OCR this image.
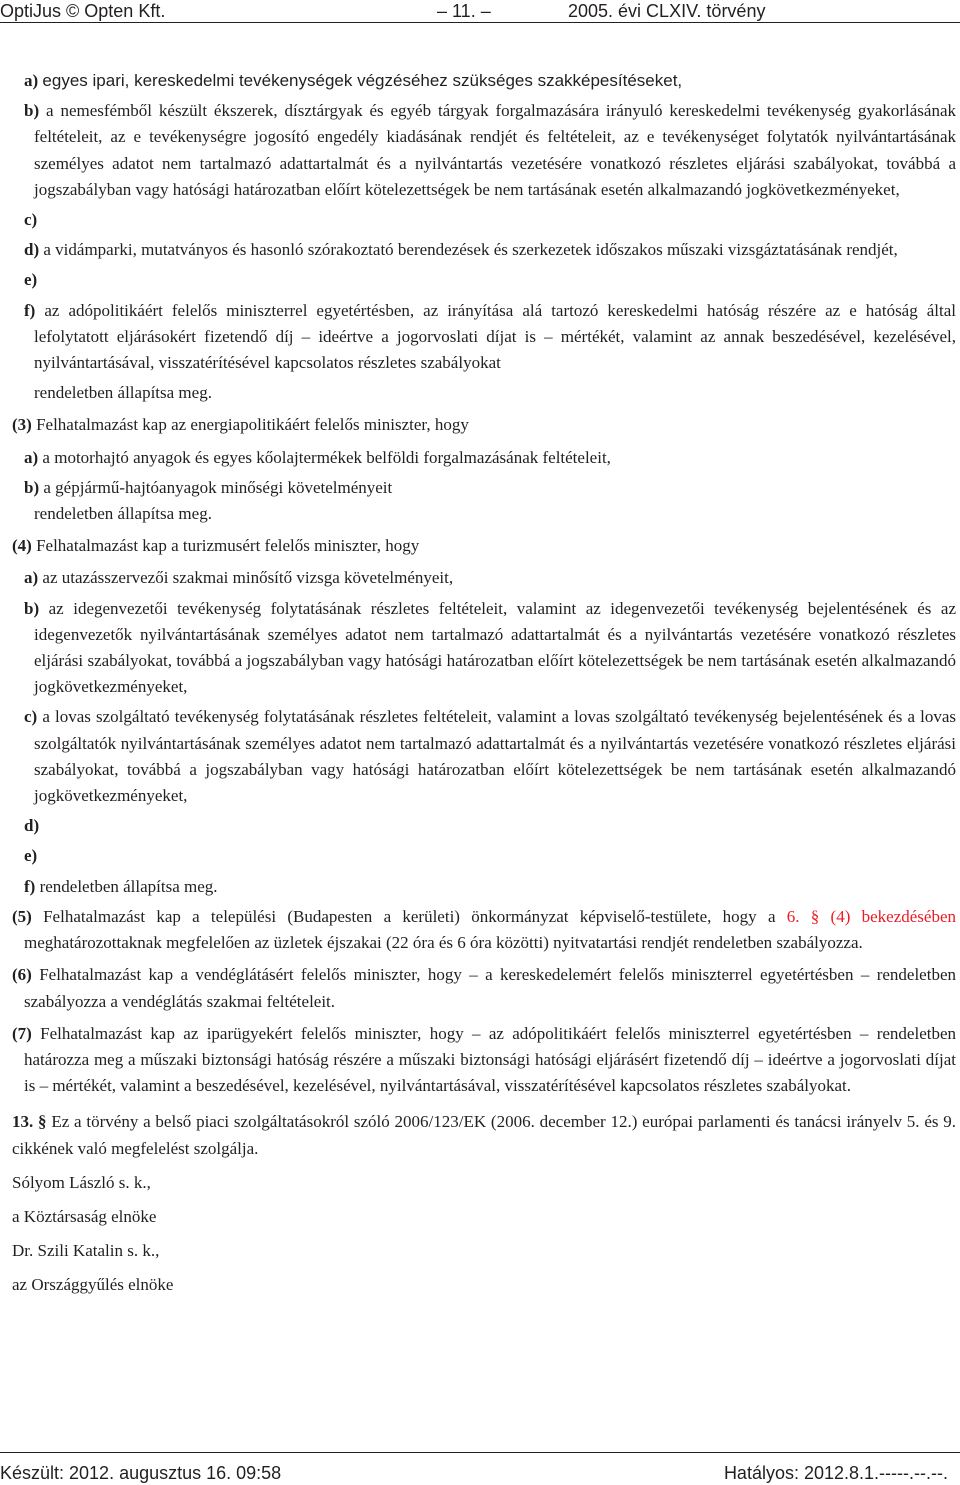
OptiJus © Opten Kft.	– 11. –	2005. évi CLXIV. törvény

a) egyes ipari, kereskedelmi tevékenységek végzéséhez szükséges szakképesítéseket,

b) a nemesfémből készült ékszerek, dísztárgyak és egyéb tárgyak forgalmazására irányuló kereskedelmi tevékenység gyakorlásának feltételeit, az e tevékenységre jogosító engedély kiadásának rendjét és feltételeit, az e tevékenységet folytatók nyilvántartásának személyes adatot nem tartalmazó adattartalmát és a nyilvántartás vezetésére vonatkozó részletes eljárási szabályokat, továbbá a jogszabályban vagy hatósági határozatban előírt kötelezettségek be nem tartásának esetén alkalmazandó jogkövetkezményeket,

c)

d) a vidámparki, mutatványos és hasonló szórakoztató berendezések és szerkezetek időszakos műszaki vizsgáztatásának rendjét,

e)

f) az adópolitikáért felelős miniszterrel egyetértésben, az irányítása alá tartozó kereskedelmi hatóság részére az e hatóság által lefolytatott eljárásokért fizetendő díj – ideértve a jogorvoslati díjat is – mértékét, valamint az annak beszedésével, kezelésével, nyilvántartásával, visszatérítésével kapcsolatos részletes szabályokat

rendeletben állapítsa meg.

(3) Felhatalmazást kap az energiapolitikáért felelős miniszter, hogy

a) a motorhajtó anyagok és egyes kőolajtermékek belföldi forgalmazásának feltételeit,

b) a gépjármű-hajtóanyagok minőségi követelményeit

rendeletben állapítsa meg.

(4) Felhatalmazást kap a turizmusért felelős miniszter, hogy

a) az utazásszervezői szakmai minősítő vizsga követelményeit,

b) az idegenvezetői tevékenység folytatásának részletes feltételeit, valamint az idegenvezetői tevékenység bejelentésének és az idegenvezetők nyilvántartásának személyes adatot nem tartalmazó adattartalmát és a nyilvántartás vezetésére vonatkozó részletes eljárási szabályokat, továbbá a jogszabályban vagy hatósági határozatban előírt kötelezettségek be nem tartásának esetén alkalmazandó jogkövetkezményeket,

c) a lovas szolgáltató tevékenység folytatásának részletes feltételeit, valamint a lovas szolgáltató tevékenység bejelentésének és a lovas szolgáltatók nyilvántartásának személyes adatot nem tartalmazó adattartalmát és a nyilvántartás vezetésére vonatkozó részletes eljárási szabályokat, továbbá a jogszabályban vagy hatósági határozatban előírt kötelezettségek be nem tartásának esetén alkalmazandó jogkövetkezményeket,

d)

e)

f) rendeletben állapítsa meg.

(5) Felhatalmazást kap a települési (Budapesten a kerületi) önkormányzat képviselő-testülete, hogy a 6. § (4) bekezdésében meghatározottaknak megfelelően az üzletek éjszakai (22 óra és 6 óra közötti) nyitvatartási rendjét rendeletben szabályozza.

(6) Felhatalmazást kap a vendéglátásért felelős miniszter, hogy – a kereskedelemért felelős miniszterrel egyetértésben – rendeletben szabályozza a vendéglátás szakmai feltételeit.

(7) Felhatalmazást kap az iparügyekért felelős miniszter, hogy – az adópolitikáért felelős miniszterrel egyetértésben – rendeletben határozza meg a műszaki biztonsági hatóság részére a műszaki biztonsági hatósági eljárásért fizetendő díj – ideértve a jogorvoslati díjat is – mértékét, valamint a beszedésével, kezelésével, nyilvántartásával, visszatérítésével kapcsolatos részletes szabályokat.

13. § Ez a törvény a belső piaci szolgáltatásokról szóló 2006/123/EK (2006. december 12.) európai parlamenti és tanácsi irányelv 5. és 9. cikkének való megfelelést szolgálja.

Sólyom László s. k.,

a Köztársaság elnöke

Dr. Szili Katalin s. k.,

az Országgyűlés elnöke

Készült: 2012. augusztus 16. 09:58	Hatályos: 2012.8.1.-----.--.--.
